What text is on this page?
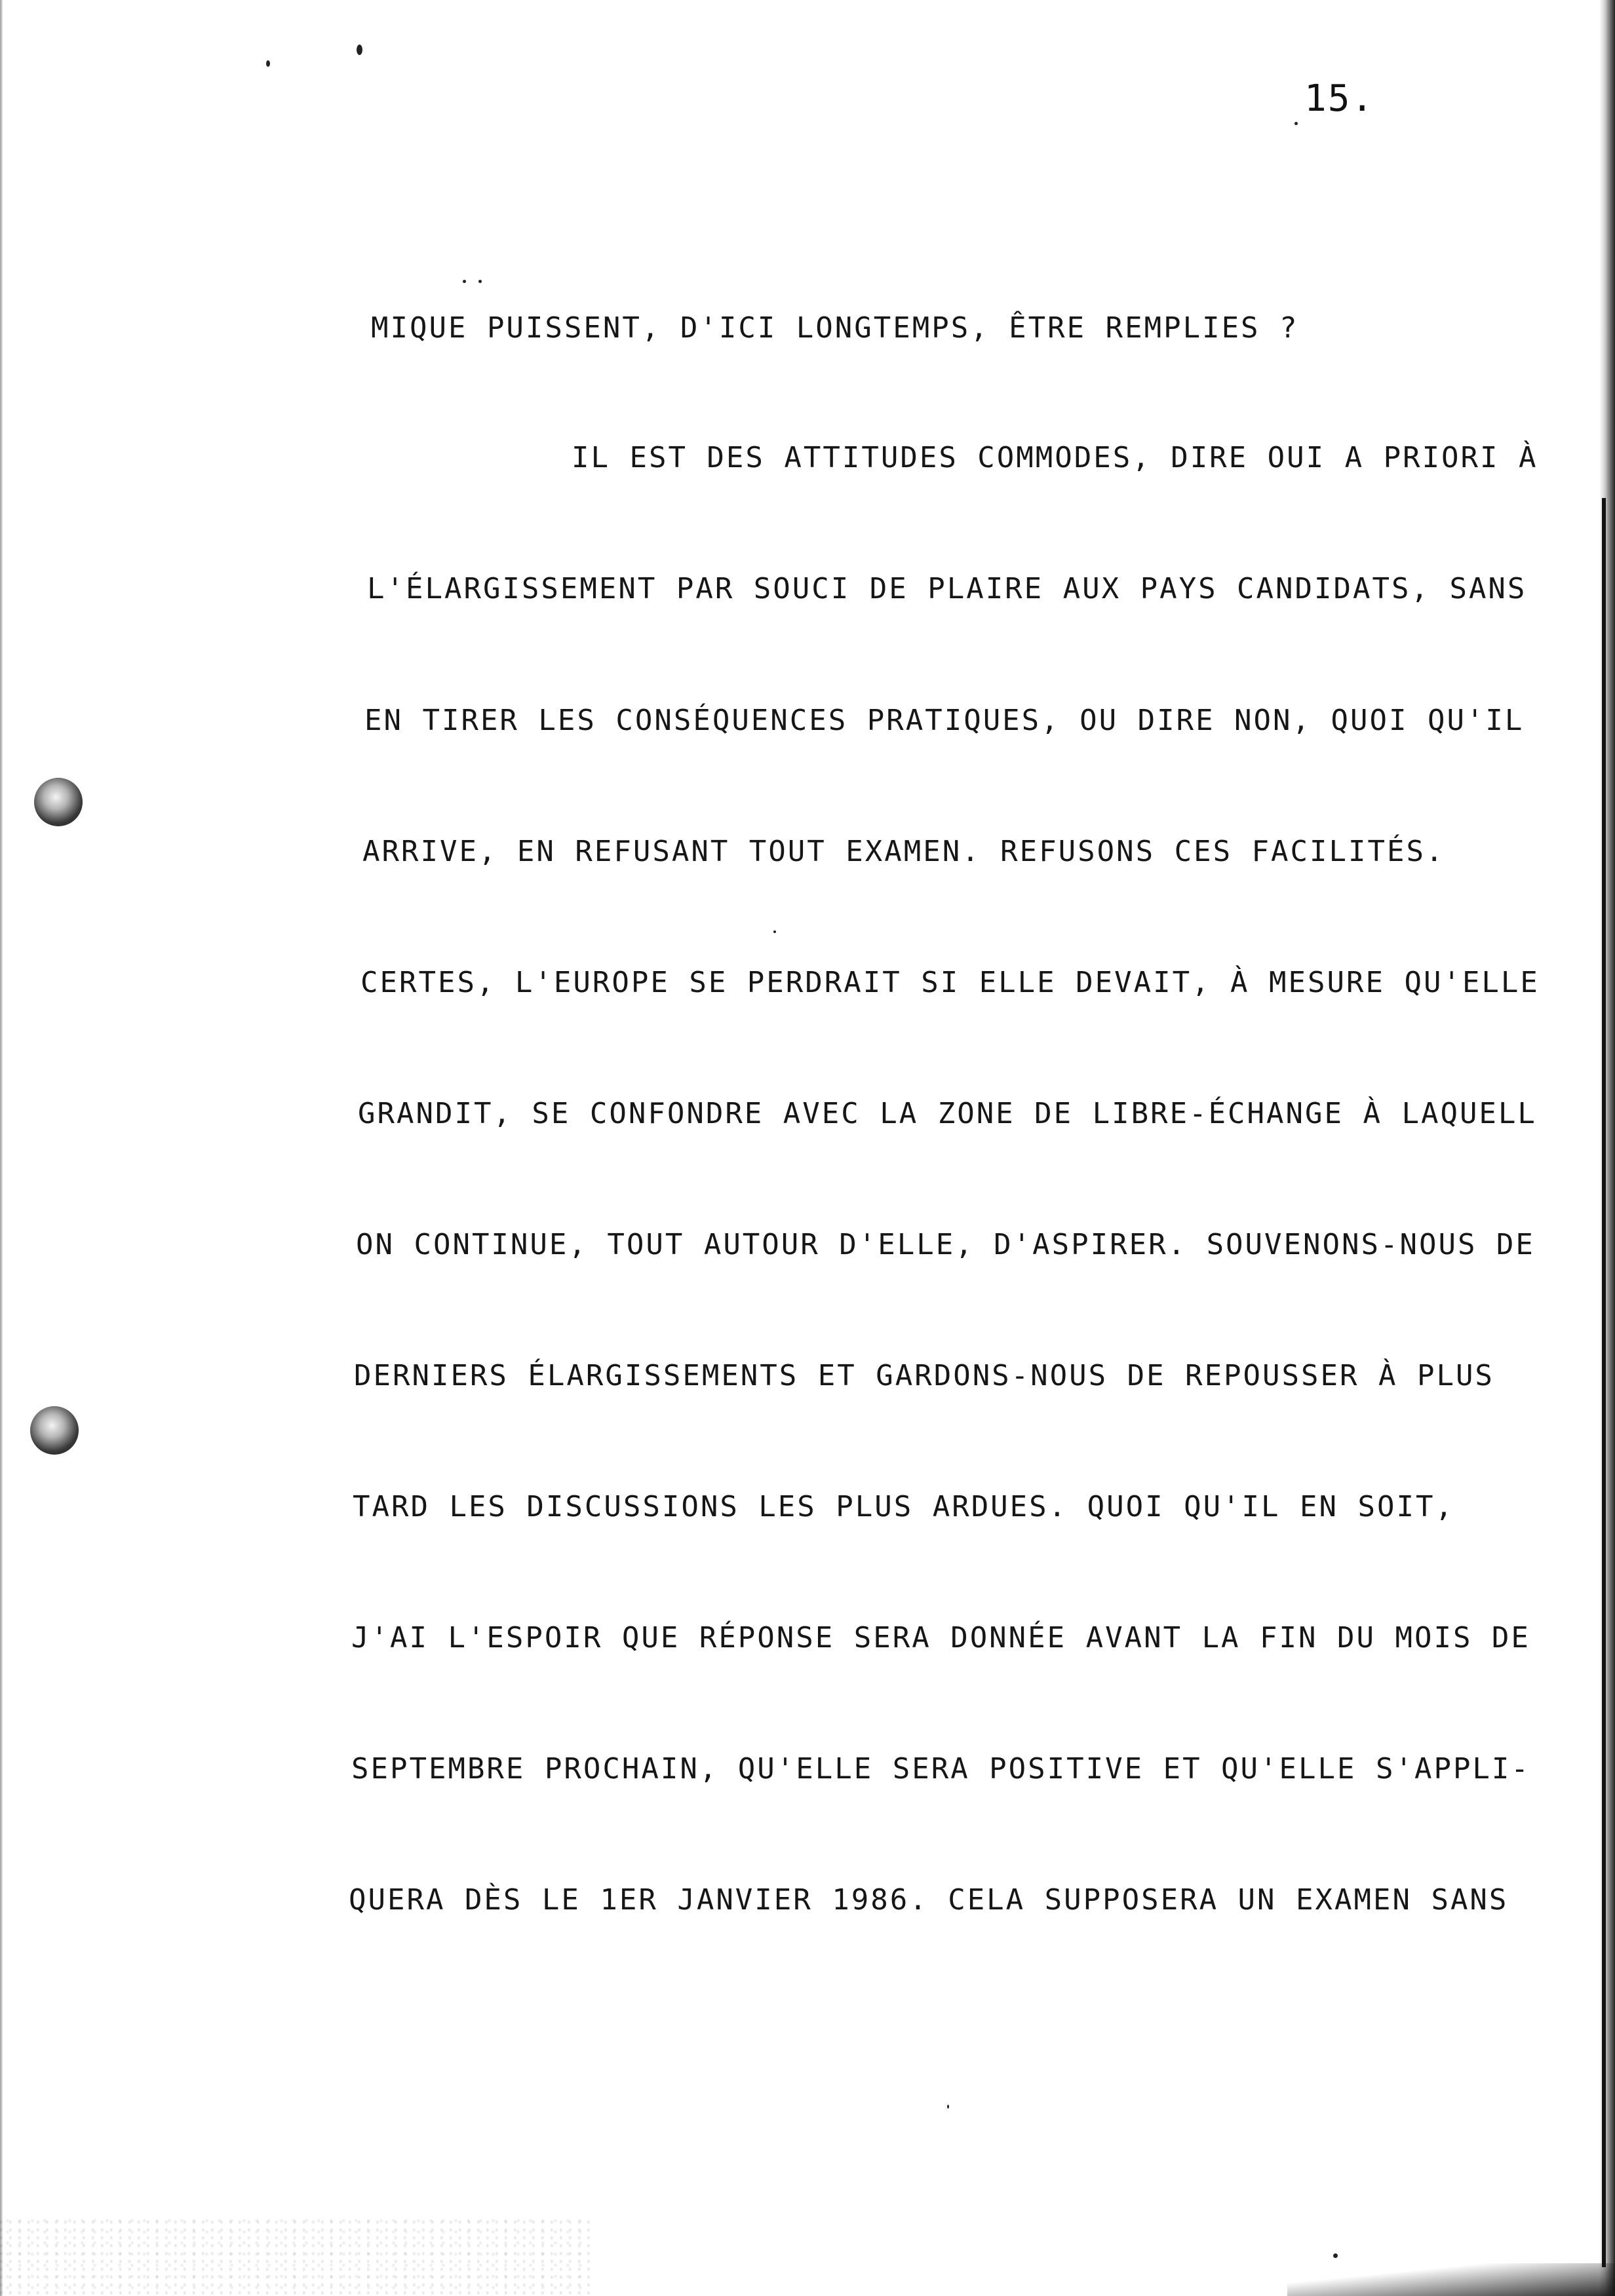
15.
MIQUE PUISSENT, D'ICI LONGTEMPS, ÊTRE REMPLIES ?
IL EST DES ATTITUDES COMMODES, DIRE OUI A PRIORI À
L'ÉLARGISSEMENT PAR SOUCI DE PLAIRE AUX PAYS CANDIDATS, SANS
EN TIRER LES CONSÉQUENCES PRATIQUES, OU DIRE NON, QUOI QU'IL
ARRIVE, EN REFUSANT TOUT EXAMEN. REFUSONS CES FACILITÉS.
CERTES, L'EUROPE SE PERDRAIT SI ELLE DEVAIT, À MESURE QU'ELLE
GRANDIT, SE CONFONDRE AVEC LA ZONE DE LIBRE-ÉCHANGE À LAQUELL
ON CONTINUE, TOUT AUTOUR D'ELLE, D'ASPIRER. SOUVENONS-NOUS DE
DERNIERS ÉLARGISSEMENTS ET GARDONS-NOUS DE REPOUSSER À PLUS
TARD LES DISCUSSIONS LES PLUS ARDUES. QUOI QU'IL EN SOIT,
J'AI L'ESPOIR QUE RÉPONSE SERA DONNÉE AVANT LA FIN DU MOIS DE
SEPTEMBRE PROCHAIN, QU'ELLE SERA POSITIVE ET QU'ELLE S'APPLI-
QUERA DÈS LE 1ER JANVIER 1986. CELA SUPPOSERA UN EXAMEN SANS
